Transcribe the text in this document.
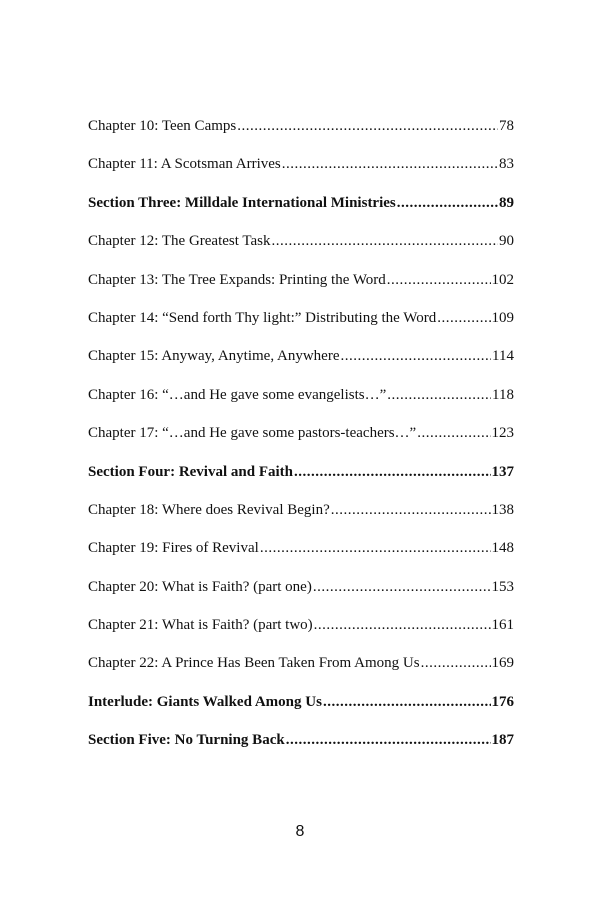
Chapter 10: Teen Camps .....	78
Chapter 11: A Scotsman Arrives .....	83
Section Three: Milldale International Ministries .....	89
Chapter 12: The Greatest Task .....	90
Chapter 13: The Tree Expands: Printing the Word .....	102
Chapter 14: “Send forth Thy light:” Distributing the Word .....	109
Chapter 15: Anyway, Anytime, Anywhere .....	114
Chapter 16: “…and He gave some evangelists…” .....	118
Chapter 17: “…and He gave some pastors-teachers…” .....	123
Section Four: Revival and Faith .....	137
Chapter 18: Where does Revival Begin? .....	138
Chapter 19: Fires of Revival .....	148
Chapter 20: What is Faith? (part one) .....	153
Chapter 21: What is Faith? (part two) .....	161
Chapter 22: A Prince Has Been Taken From Among Us .....	169
Interlude: Giants Walked Among Us .....	176
Section Five: No Turning Back .....	187
8
